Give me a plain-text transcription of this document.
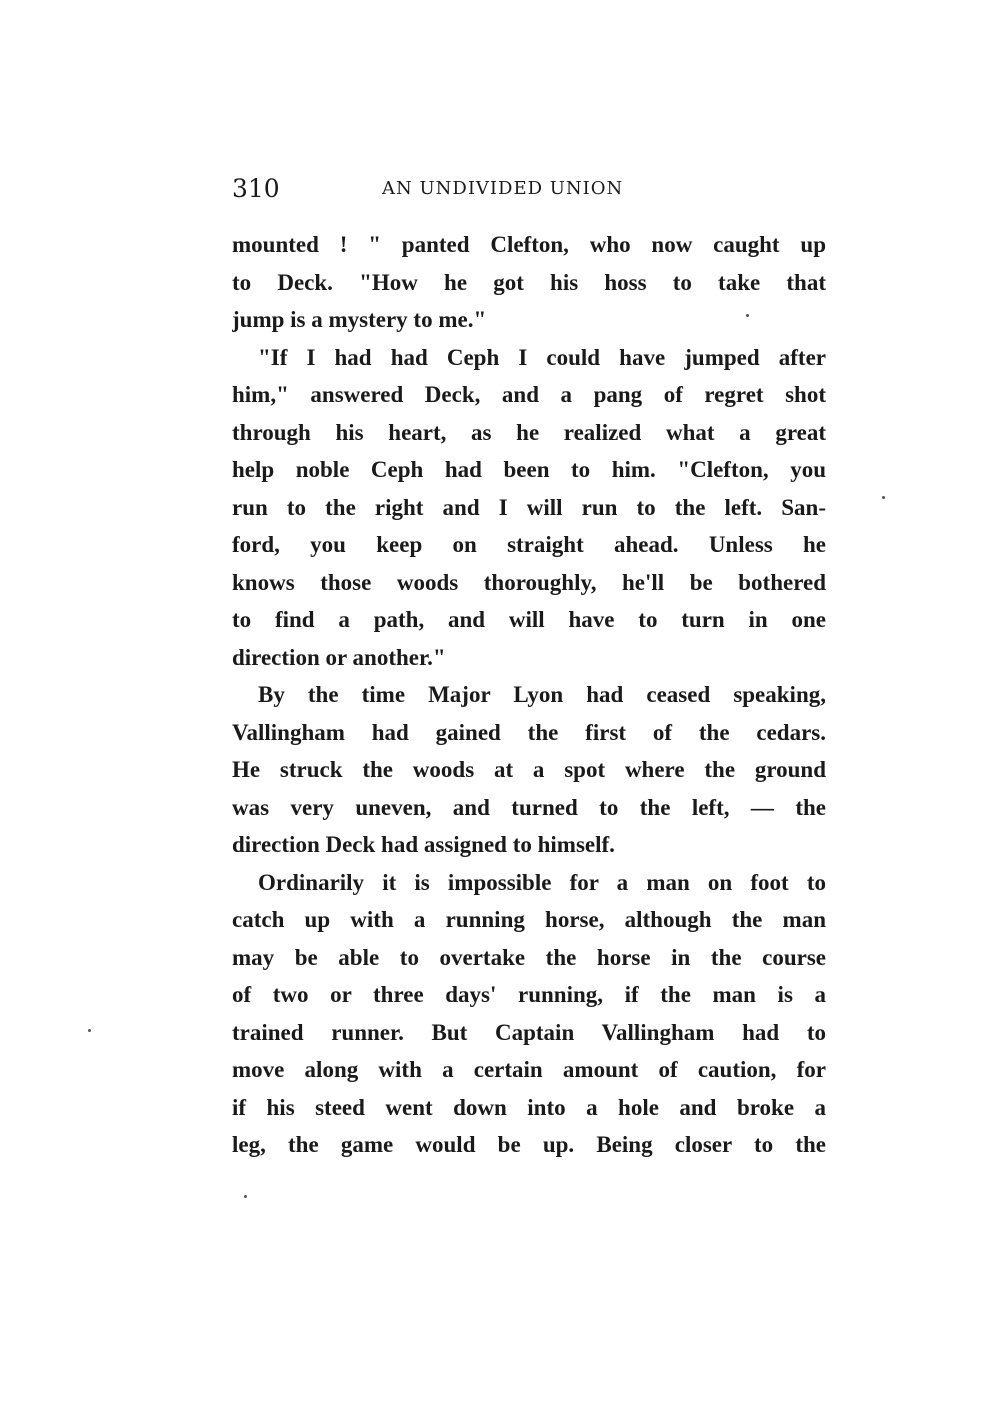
310	AN UNDIVIDED UNION
mounted ! " panted Clefton, who now caught up
to Deck. "How he got his hoss to take that
jump is a mystery to me."
"If I had had Ceph I could have jumped after
him," answered Deck, and a pang of regret shot
through his heart, as he realized what a great
help noble Ceph had been to him. "Clefton, you
run to the right and I will run to the left. San-
ford, you keep on straight ahead. Unless he
knows those woods thoroughly, he'll be bothered
to find a path, and will have to turn in one
direction or another."
By the time Major Lyon had ceased speaking,
Vallingham had gained the first of the cedars.
He struck the woods at a spot where the ground
was very uneven, and turned to the left, — the
direction Deck had assigned to himself.
Ordinarily it is impossible for a man on foot to
catch up with a running horse, although the man
may be able to overtake the horse in the course
of two or three days' running, if the man is a
trained runner. But Captain Vallingham had to
move along with a certain amount of caution, for
if his steed went down into a hole and broke a
leg, the game would be up. Being closer to the
